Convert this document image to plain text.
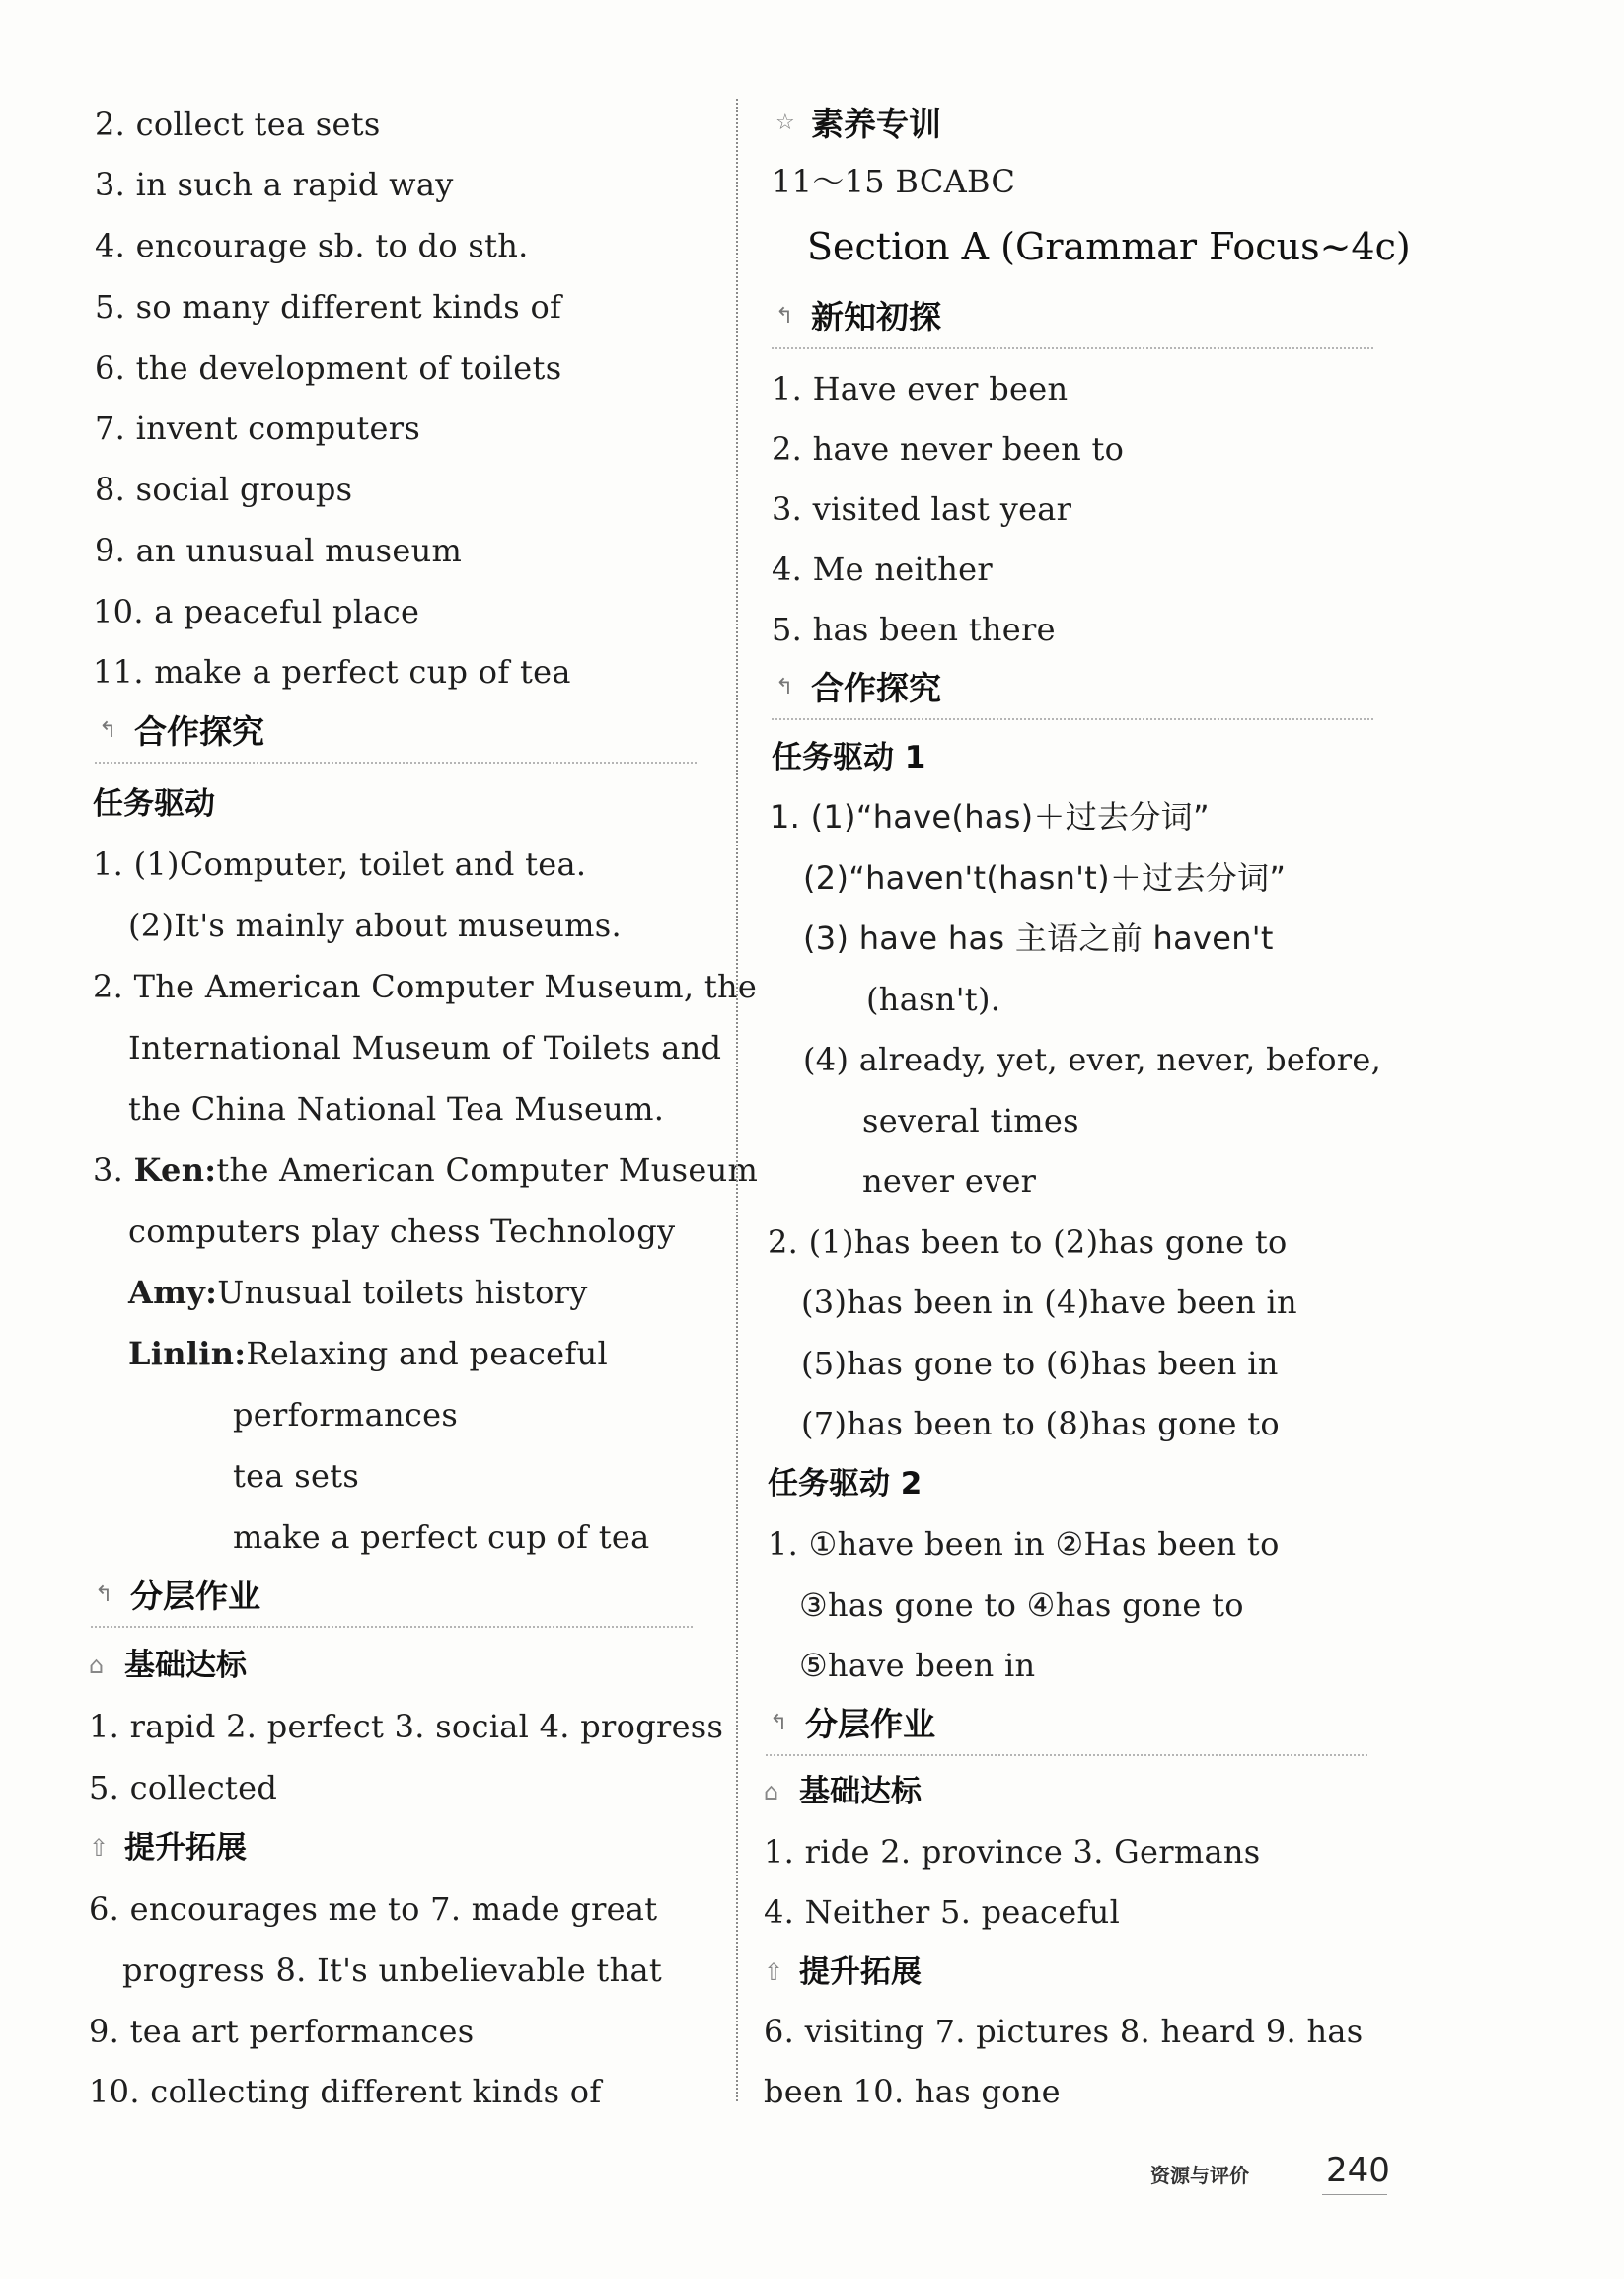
2. collect tea sets
3. in such a rapid way
4. encourage sb. to do sth.
5. so many different kinds of
6. the development of toilets
7. invent computers
8. social groups
9. an unusual museum
10. a peaceful place
11. make a perfect cup of tea
↰ 合作探究
任务驱动
1. (1)Computer, toilet and tea.
(2)It's mainly about museums.
2. The American Computer Museum, the
International Museum of Toilets and
the China National Tea Museum.
3. Ken:the American Computer Museum
computers play chess Technology
Amy:Unusual toilets history
Linlin:Relaxing and peaceful
performances
tea sets
make a perfect cup of tea
↰ 分层作业
⌂ 基础达标
1. rapid 2. perfect 3. social 4. progress
5. collected
⇧ 提升拓展
6. encourages me to 7. made great
progress 8. It's unbelievable that
9. tea art performances
10. collecting different kinds of
☆ 素养专训
11～15 BCABC
Section A (Grammar Focus~4c)
↰ 新知初探
1. Have ever been
2. have never been to
3. visited last year
4. Me neither
5. has been there
↰ 合作探究
任务驱动 1
1. (1)“have(has)＋过去分词”
(2)“haven't(hasn't)＋过去分词”
(3) have has 主语之前 haven't
(hasn't).
(4) already, yet, ever, never, before,
several times
never ever
2. (1)has been to (2)has gone to
(3)has been in (4)have been in
(5)has gone to (6)has been in
(7)has been to (8)has gone to
任务驱动 2
1. ①have been in ②Has been to
③has gone to ④has gone to
⑤have been in
↰ 分层作业
⌂ 基础达标
1. ride 2. province 3. Germans
4. Neither 5. peaceful
⇧ 提升拓展
6. visiting 7. pictures 8. heard 9. has
been 10. has gone
资源与评价 240
